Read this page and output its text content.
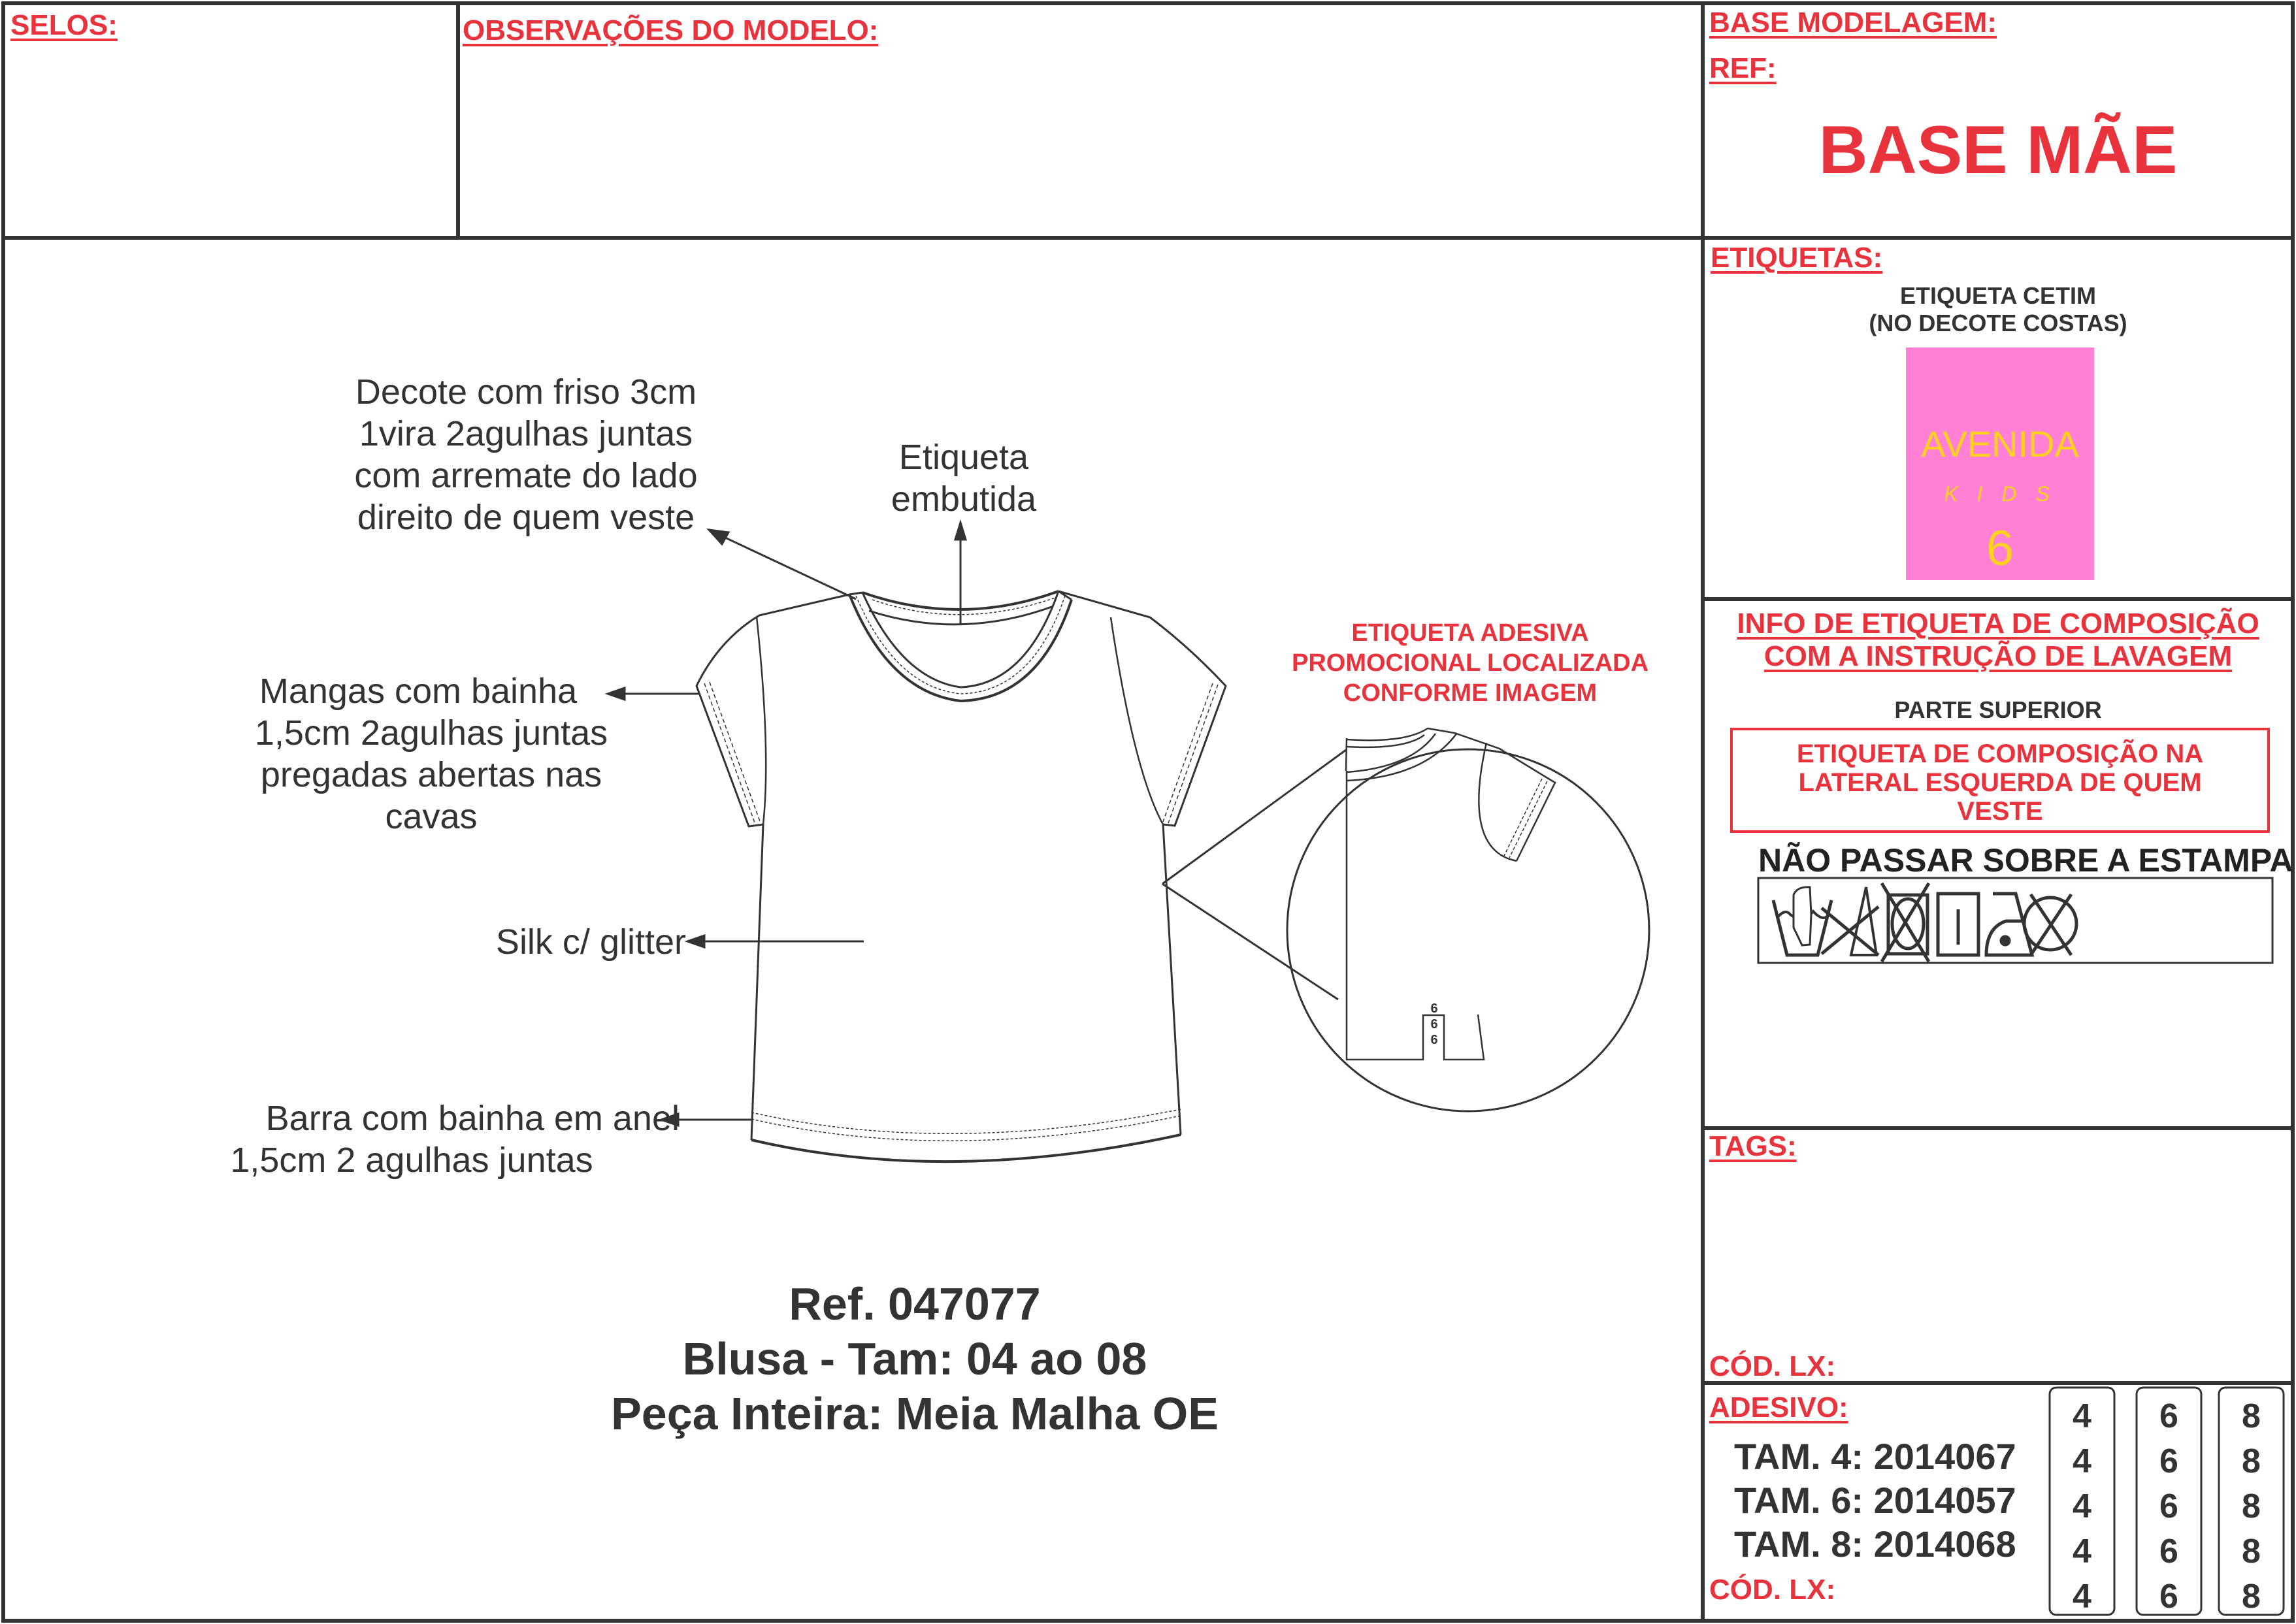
SELOS:	OBSERVAÇÕES DO MODELO:	BASE MODELAGEM:
REF:
BASE MÃE
Decote com friso 3cm
1vira 2agulhas juntas
com arremate do lado
direito de quem veste
Etiqueta
embutida
Mangas com bainha
1,5cm 2agulhas juntas
pregadas abertas nas
cavas
Silk c/ glitter
Barra com bainha em anel
1,5cm 2 agulhas juntas
ETIQUETA ADESIVA
PROMOCIONAL LOCALIZADA
CONFORME IMAGEM
6
6
6
Ref. 047077
Blusa - Tam: 04 ao 08
Peça Inteira: Meia Malha OE
ETIQUETAS:
ETIQUETA CETIM
(NO DECOTE COSTAS)
AVENIDA
K I D S
6
INFO DE ETIQUETA DE COMPOSIÇÃO
COM A INSTRUÇÃO DE LAVAGEM
PARTE SUPERIOR
ETIQUETA DE COMPOSIÇÃO NA
LATERAL ESQUERDA DE QUEM
VESTE
NÃO PASSAR SOBRE A ESTAMPA
TAGS:
CÓD. LX:
ADESIVO:
TAM. 4: 2014067
TAM. 6: 2014057
TAM. 8: 2014068
CÓD. LX:
4
4
4
4
4
6
6
6
6
6
8
8
8
8
8
